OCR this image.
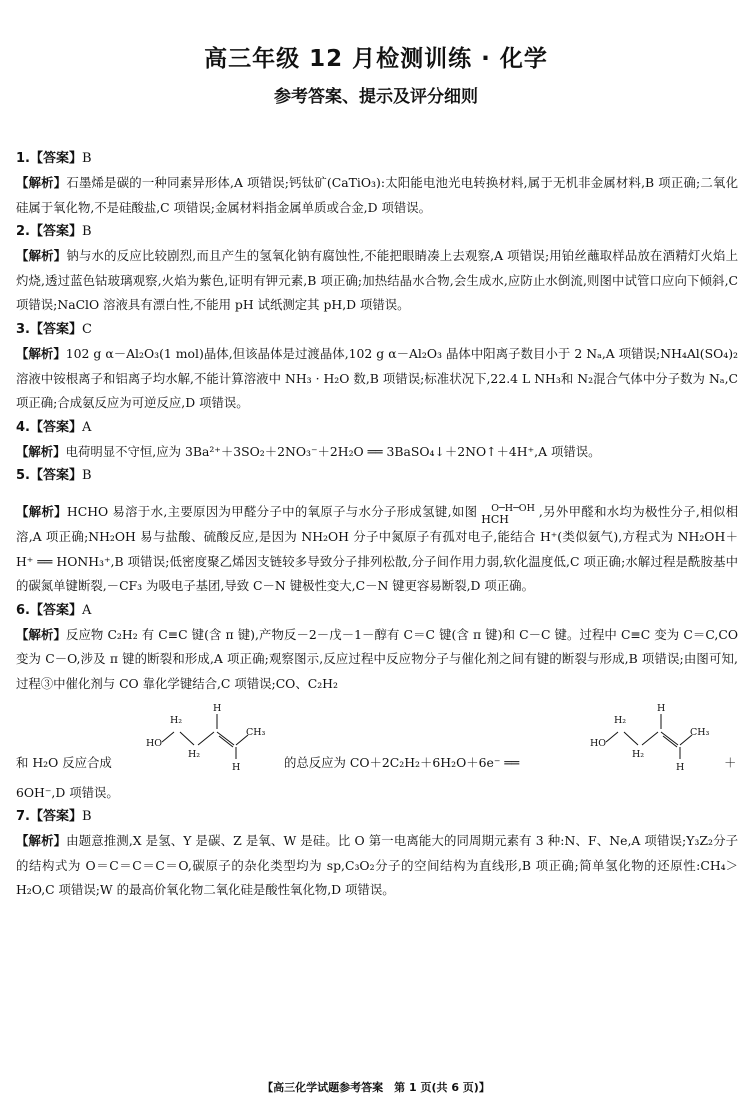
高三年级 12 月检测训练 · 化学
参考答案、提示及评分细则
1.【答案】B
【解析】石墨烯是碳的一种同素异形体,A 项错误;钙钛矿(CaTiO₃):太阳能电池光电转换材料,属于无机非金属材料,B 项正确;二氧化硅属于氧化物,不是硅酸盐,C 项错误;金属材料指金属单质或合金,D 项错误。
2.【答案】B
【解析】钠与水的反应比较剧烈,而且产生的氢氧化钠有腐蚀性,不能把眼睛凑上去观察,A 项错误;用铂丝蘸取样品放在酒精灯火焰上灼烧,透过蓝色钴玻璃观察,火焰为紫色,证明有钾元素,B 项正确;加热结晶水合物,会生成水,应防止水倒流,则图中试管口应向下倾斜,C 项错误;NaClO 溶液具有漂白性,不能用 pH 试纸测定其 pH,D 项错误。
3.【答案】C
【解析】102 g α－Al₂O₃(1 mol)晶体,但该晶体是过渡晶体,102 g α－Al₂O₃ 晶体中阳离子数目小于 2 Nₐ,A 项错误;NH₄Al(SO₄)₂溶液中铵根离子和铝离子均水解,不能计算溶液中 NH₃ · H₂O 数,B 项错误;标准状况下,22.4 L NH₃和 N₂混合气体中分子数为 Nₐ,C 项正确;合成氨反应为可逆反应,D 项错误。
4.【答案】A
【解析】电荷明显不守恒,应为 3Ba²⁺＋3SO₂＋2NO₃⁻＋2H₂O ══ 3BaSO₄↓＋2NO↑＋4H⁺,A 项错误。
5.【答案】B
【解析】HCHO 易溶于水,主要原因为甲醛分子中的氧原子与水分子形成氢键,如图	O─H─OH
HCH
,另外甲醛和水均为极性分子,相似相溶,A 项正确;NH₂OH 易与盐酸、硫酸反应,是因为 NH₂OH 分子中氮原子有孤对电子,能结合 H⁺(类似氨气),方程式为 NH₂OH＋H⁺ ══ HONH₃⁺,B 项错误;低密度聚乙烯因支链较多导致分子排列松散,分子间作用力弱,软化温度低,C 项正确;水解过程是酰胺基中的碳氮单键断裂,－CF₃ 为吸电子基团,导致 C－N 键极性变大,C－N 键更容易断裂,D 项正确。
6.【答案】A
【解析】反应物 C₂H₂ 有 C≡C 键(含 π 键),产物反－2－戊－1－醇有 C＝C 键(含 π 键)和 C－C 键。过程中 C≡C 变为 C＝C,CO 变为 C－O,涉及 π 键的断裂和形成,A 项正确;观察图示,反应过程中反应物分子与催化剂之间有键的断裂与形成,B 项错误;由图可知,过程③中催化剂与 CO 靠化学键结合,C 项错误;CO、C₂H₂
和 H₂O 反应合成
HO
H₂
H₂
H
CH₃
H	的总反应为 CO＋2C₂H₂＋6H₂O＋6e⁻ ══
HO
H₂
H₂
H
CH₃
H	＋
6OH⁻,D 项错误。
7.【答案】B
【解析】由题意推测,X 是氢、Y 是碳、Z 是氧、W 是硅。比 O 第一电离能大的同周期元素有 3 种:N、F、Ne,A 项错误;Y₃Z₂分子的结构式为 O＝C＝C＝C＝O,碳原子的杂化类型均为 sp,C₃O₂分子的空间结构为直线形,B 项正确;简单氢化物的还原性:CH₄＞H₂O,C 项错误;W 的最高价氧化物二氧化硅是酸性氧化物,D 项错误。
【高三化学试题参考答案　第 1 页(共 6 页)】
